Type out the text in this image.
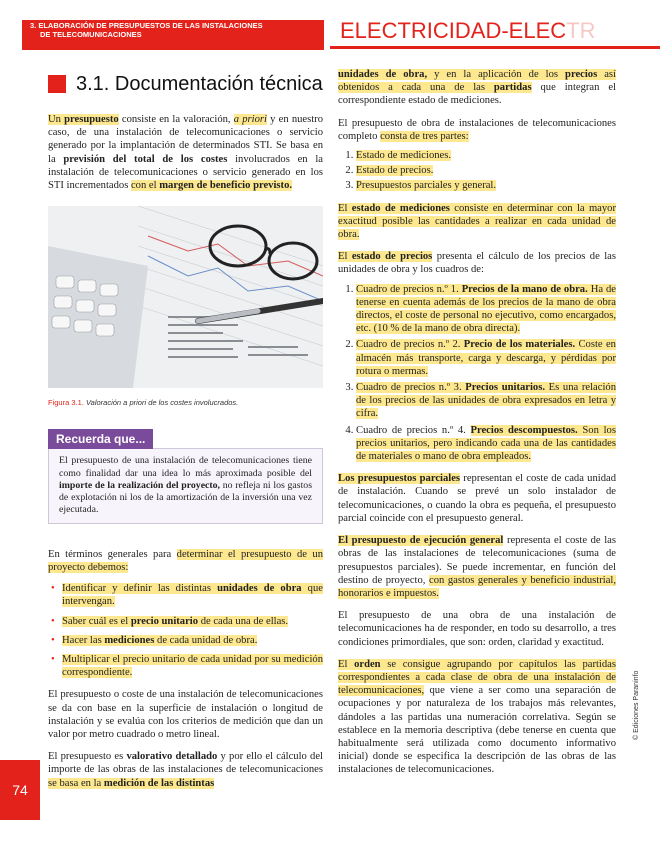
3. ELABORACIÓN DE PRESUPUESTOS DE LAS INSTALACIONES
DE TELECOMUNICACIONES	ELECTRICIDAD-ELECTR
3.1. Documentación técnica

Un presupuesto consiste en la valoración, a priori y en nuestro caso, de una instalación de telecomunicaciones o servicio generado por la implantación de determinados STI. Se basa en la previsión del total de los costes involucrados en la instalación de telecomunicaciones o servicio generado en los STI incrementados con el margen de beneficio previsto.

Figura 3.1. Valoración a priori de los costes involucrados.
Recuerda que...

El presupuesto de una instalación de telecomunicaciones tiene como finalidad dar una idea lo más aproximada posible del importe de la realización del proyecto, no refleja ni los gastos de explotación ni los de la amortización de la inversión una vez ejecutada.

En términos generales para determinar el presupuesto de un proyecto debemos:

• Identificar y definir las distintas unidades de obra que intervengan.
• Saber cuál es el precio unitario de cada una de ellas.
• Hacer las mediciones de cada unidad de obra.
• Multiplicar el precio unitario de cada unidad por su medición correspondiente.

El presupuesto o coste de una instalación de telecomunicaciones se da con base en la superficie de instalación o longitud de instalación y se evalúa con los criterios de medición que dan un valor por metro cuadrado o metro lineal.

El presupuesto es valorativo detallado y por ello el cálculo del importe de las obras de las instalaciones de telecomunicaciones se basa en la medición de las distintas

unidades de obra, y en la aplicación de los precios así obtenidos a cada una de las partidas que integran el correspondiente estado de mediciones.

El presupuesto de obra de instalaciones de telecomunicaciones completo consta de tres partes:

1. Estado de mediciones.
2. Estado de precios.
3. Presupuestos parciales y general.

El estado de mediciones consiste en determinar con la mayor exactitud posible las cantidades a realizar en cada unidad de obra.

El estado de precios presenta el cálculo de los precios de las unidades de obra y los cuadros de:

1. Cuadro de precios n.º 1. Precios de la mano de obra. Ha de tenerse en cuenta además de los precios de la mano de obra directos, el coste de personal no ejecutivo, como encargados, etc. (10 % de la mano de obra directa).
2. Cuadro de precios n.º 2. Precio de los materiales. Coste en almacén más transporte, carga y descarga, y pérdidas por rotura o mermas.
3. Cuadro de precios n.º 3. Precios unitarios. Es una relación de los precios de las unidades de obra expresados en letra y cifra.
4. Cuadro de precios n.º 4. Precios descompuestos. Son los precios unitarios, pero indicando cada una de las cantidades de materiales o mano de obra empleados.

Los presupuestos parciales representan el coste de cada unidad de instalación. Cuando se prevé un solo instalador de telecomunicaciones, o cuando la obra es pequeña, el presupuesto parcial coincide con el presupuesto general.

El presupuesto de ejecución general representa el coste de las obras de las instalaciones de telecomunicaciones (suma de presupuestos parciales). Se puede incrementar, en función del destino de proyecto, con gastos generales y beneficio industrial, honorarios e impuestos.

El presupuesto de una obra de una instalación de telecomunicaciones ha de responder, en todo su desarrollo, a tres condiciones primordiales, que son: orden, claridad y exactitud.

El orden se consigue agrupando por capítulos las partidas correspondientes a cada clase de obra de una instalación de telecomunicaciones, que viene a ser como una separación de ocupaciones y por naturaleza de los trabajos más relevantes, dándoles a las partidas una numeración correlativa. Según se establece en la memoria descriptiva (debe tenerse en cuenta que habitualmente será utilizada como documento informativo inicial) donde se especifica la descripción de las obras de las instalaciones de telecomunicaciones.

74
© Ediciones Paraninfo
